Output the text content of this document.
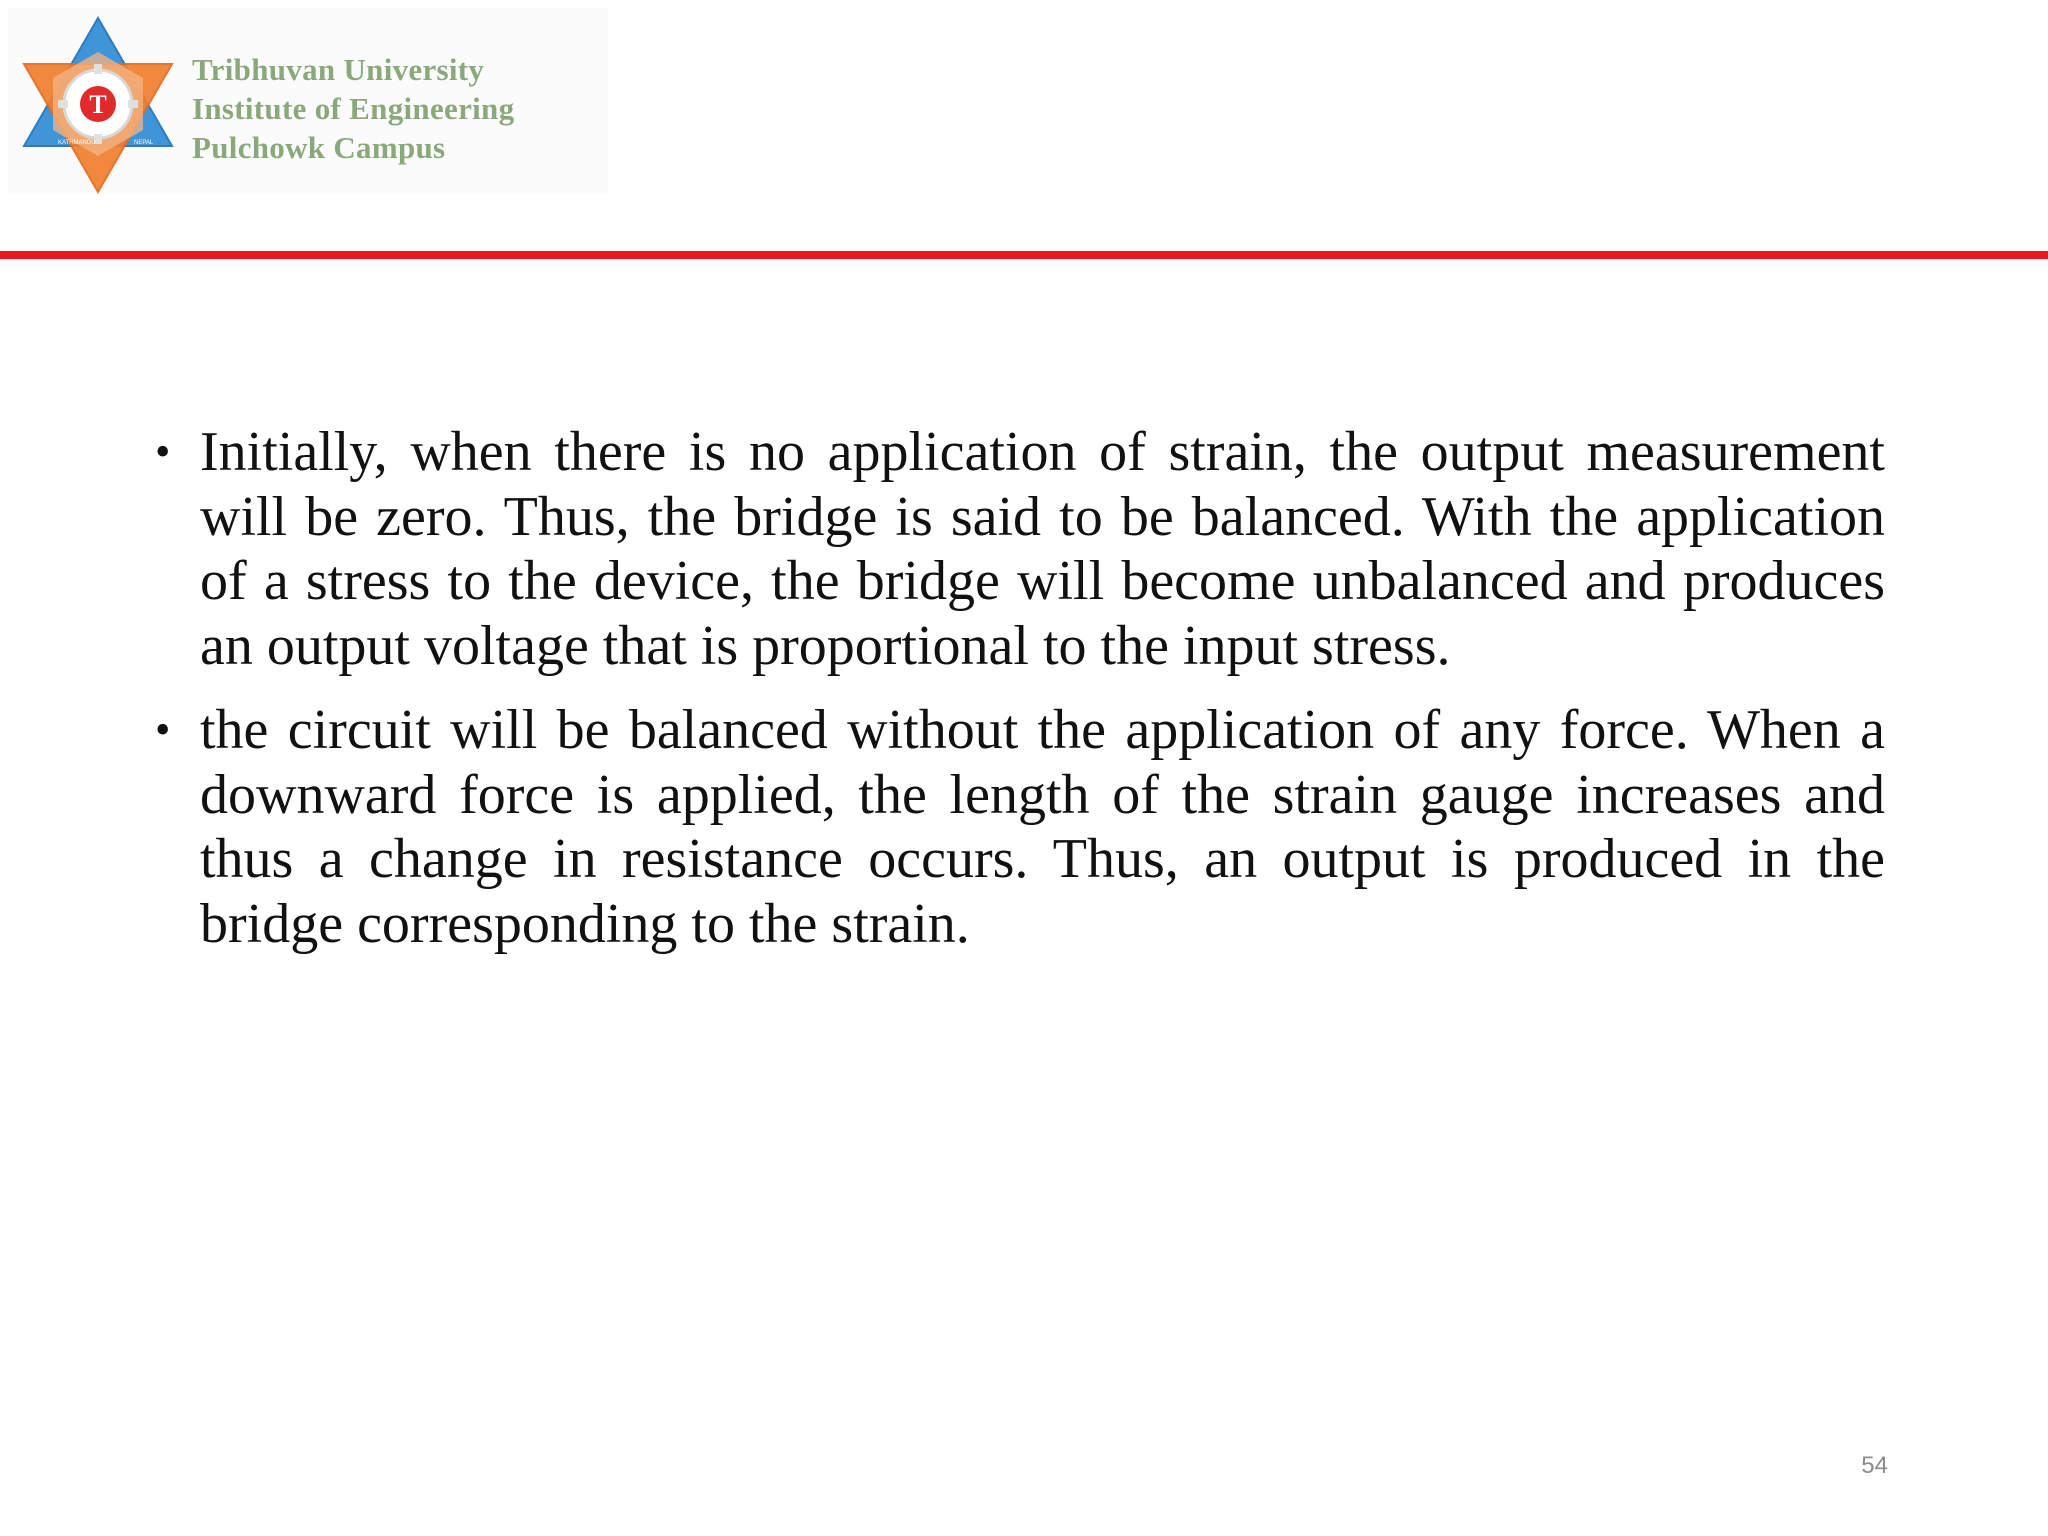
T
KATHMANDU	NEPAL
Tribhuvan University
Institute of Engineering
Pulchowk Campus
• Initially, when there is no application of strain, the output measurement will be zero. Thus, the bridge is said to be balanced. With the application of a stress to the device, the bridge will become unbalanced and produces an output voltage that is proportional to the input stress.
• the circuit will be balanced without the application of any force. When a downward force is applied, the length of the strain gauge increases and thus a change in resistance occurs. Thus, an output is produced in the bridge corresponding to the strain.
54
